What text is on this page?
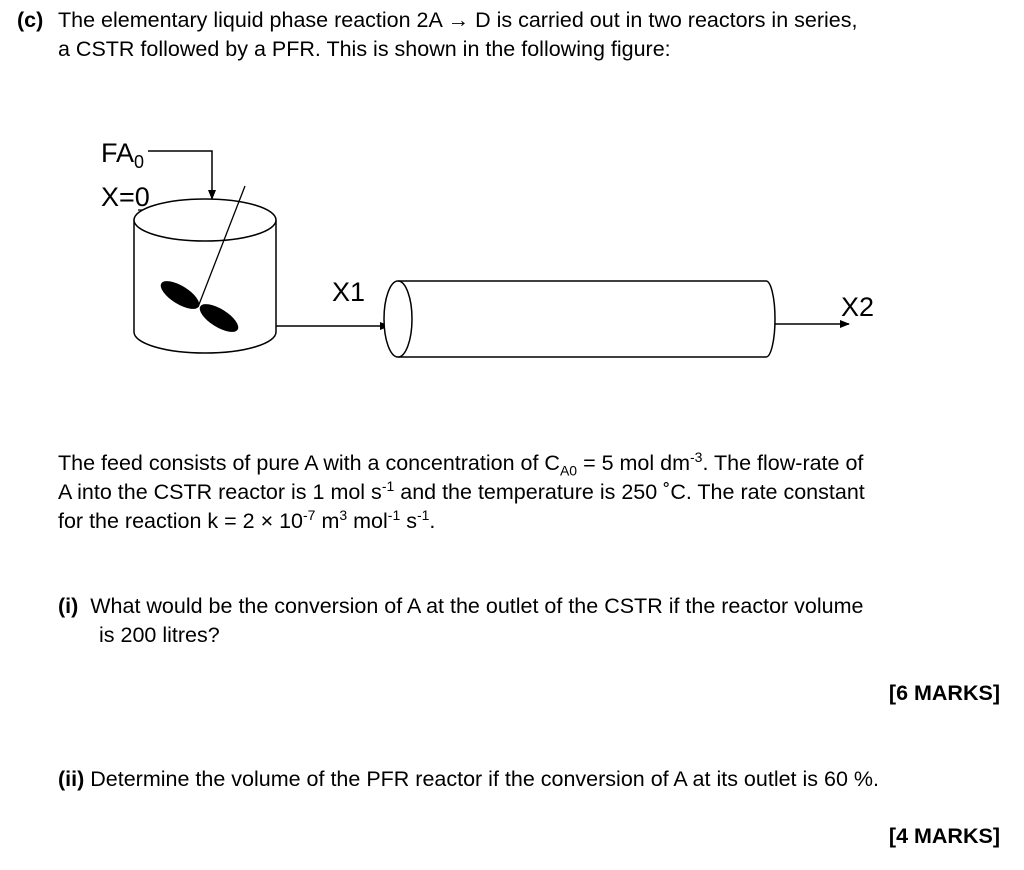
(c) The elementary liquid phase reaction 2A → D is carried out in two reactors in series,
a CSTR followed by a PFR. This is shown in the following figure:
$FA_0$
X=0
X1	X2
The feed consists of pure A with a concentration of $C_{A0} = 5$ mol $dm^{-3}$. The flow-rate of
A into the CSTR reactor is 1 mol $s^{-1}$ and the temperature is 250 ˚C. The rate constant
for the reaction $k = 2 \times 10^{-7}$ $m^3$ mol$^{-1}$ $s^{-1}$.
(i) What would be the conversion of A at the outlet of the CSTR if the reactor volume
is 200 litres?
[6 MARKS]
(ii) Determine the volume of the PFR reactor if the conversion of A at its outlet is 60 %.
[4 MARKS]
